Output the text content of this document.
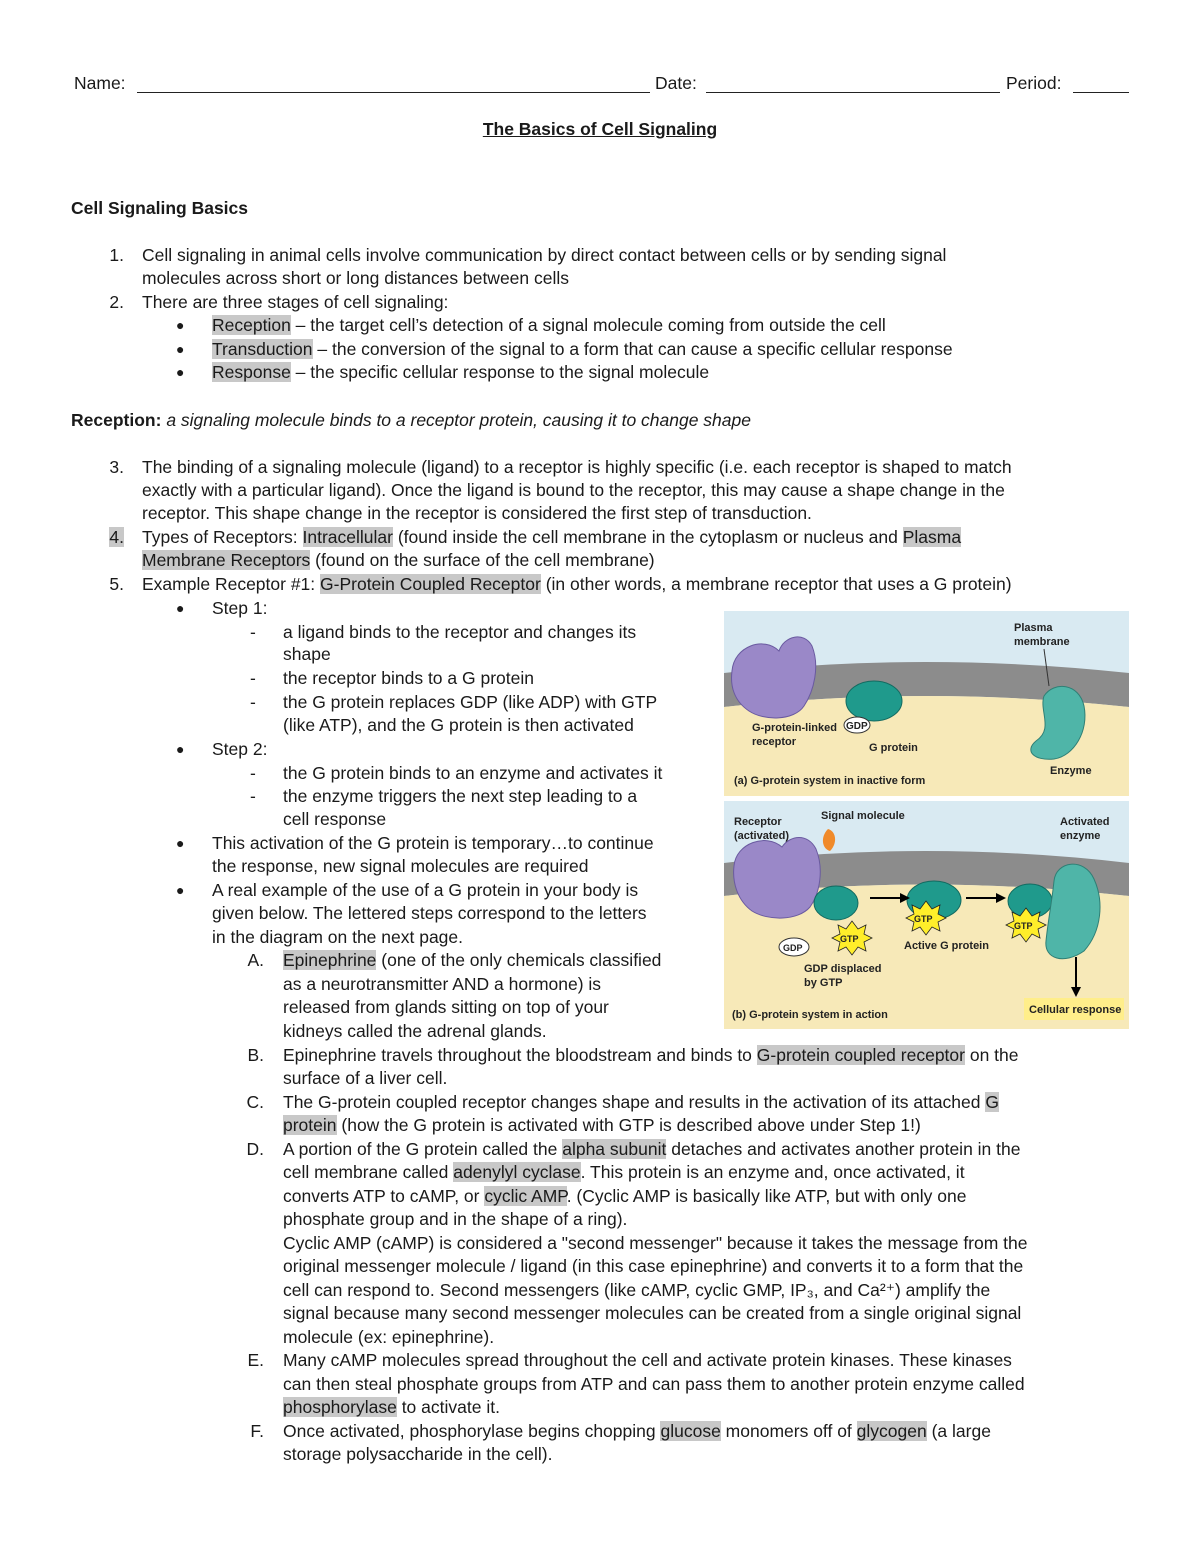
Name:	Date:	Period:
The Basics of Cell Signaling
Cell Signaling Basics
1. Cell signaling in animal cells involve communication by direct contact between cells or by sending signal
molecules across short or long distances between cells
2. There are three stages of cell signaling:
● Reception – the target cell’s detection of a signal molecule coming from outside the cell
● Transduction – the conversion of the signal to a form that can cause a specific cellular response
● Response – the specific cellular response to the signal molecule
Reception: a signaling molecule binds to a receptor protein, causing it to change shape
3. The binding of a signaling molecule (ligand) to a receptor is highly specific (i.e. each receptor is shaped to match
exactly with a particular ligand). Once the ligand is bound to the receptor, this may cause a shape change in the
receptor. This shape change in the receptor is considered the first step of transduction.
4. Types of Receptors: Intracellular (found inside the cell membrane in the cytoplasm or nucleus and Plasma
Membrane Receptors (found on the surface of the cell membrane)
5. Example Receptor #1: G-Protein Coupled Receptor (in other words, a membrane receptor that uses a G protein)
● Step 1:
- a ligand binds to the receptor and changes its
shape
- the receptor binds to a G protein
- the G protein replaces GDP (like ADP) with GTP
(like ATP), and the G protein is then activated
● Step 2:
- the G protein binds to an enzyme and activates it
- the enzyme triggers the next step leading to a
cell response
● This activation of the G protein is temporary…to continue
the response, new signal molecules are required
● A real example of the use of a G protein in your body is
given below. The lettered steps correspond to the letters
in the diagram on the next page.
A. Epinephrine (one of the only chemicals classified
as a neurotransmitter AND a hormone) is
released from glands sitting on top of your
kidneys called the adrenal glands.
B. Epinephrine travels throughout the bloodstream and binds to G-protein coupled receptor on the
surface of a liver cell.
C. The G-protein coupled receptor changes shape and results in the activation of its attached G
protein (how the G protein is activated with GTP is described above under Step 1!)
D. A portion of the G protein called the alpha subunit detaches and activates another protein in the
cell membrane called adenylyl cyclase. This protein is an enzyme and, once activated, it
converts ATP to cAMP, or cyclic AMP. (Cyclic AMP is basically like ATP, but with only one
phosphate group and in the shape of a ring).
Cyclic AMP (cAMP) is considered a "second messenger" because it takes the message from the
original messenger molecule / ligand (in this case epinephrine) and converts it to a form that the
cell can respond to. Second messengers (like cAMP, cyclic GMP, IP₃, and Ca²⁺) amplify the
signal because many second messenger molecules can be created from a single original signal
molecule (ex: epinephrine).
E. Many cAMP molecules spread throughout the cell and activate protein kinases. These kinases
can then steal phosphate groups from ATP and can pass them to another protein enzyme called
phosphorylase to activate it.
F. Once activated, phosphorylase begins chopping glucose monomers off of glycogen (a large
storage polysaccharide in the cell).
Plasma
membrane
G-protein-linked
receptor
GDP
G protein
(a) G-protein system in inactive form
Enzyme
Receptor
(activated)
Signal molecule	Activated
enzyme
GTP
GTP
GTP
GDP	Active G protein
GDP displaced
by GTP
(b) G-protein system in action	Cellular response
